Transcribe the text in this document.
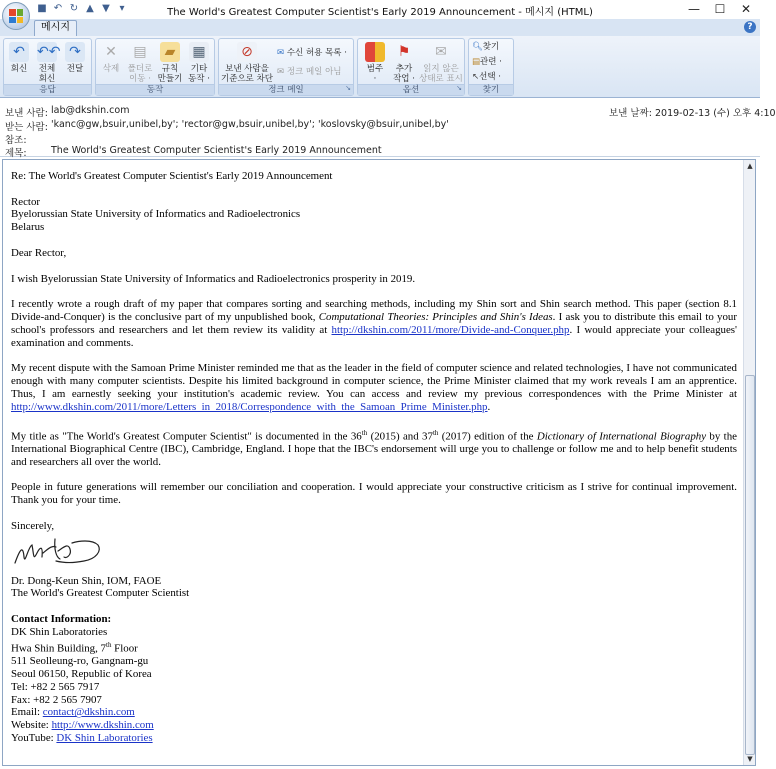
The World's Greatest Computer Scientist's Early 2019 Announcement - 메시지 (HTML)	—	☐	✕
■ ↶ ↻ ▲ ▼ ▾
메시지	?
↶
회신
↶↶
전체
회신
↷
전달
응답
✕
삭제
▤
폴더로
이동 ·
▰
규칙
만들기
▦
기타
동작 ·
동작
⊘
보낸 사람을
기준으로 차단
✉ 수신 허용 목록 ·
✉ 정크 메일 아님
정크 메일	↘
범주
·
⚑
추가
작업 ·
✉
읽지 않은
상태로 표시
옵션	↘
🔍︎찾기
▤관련 ·
↖선택 ·
찾기
보낸 사람: lab@dkshin.com
받는 사람: 'kanc@gw,bsuir,unibel,by'; 'rector@gw,bsuir,unibel,by'; 'koslovsky@bsuir,unibel,by'
참조:
제목:	The World's Greatest Computer Scientist's Early 2019 Announcement
보낸 날짜: 2019-02-13 (수) 오후 4:10

Re: The World's Greatest Computer Scientist's Early 2019 Announcement

Rector
Byelorussian State University of Informatics and Radioelectronics
Belarus

Dear Rector,

I wish Byelorussian State University of Informatics and Radioelectronics prosperity in 2019.

I recently wrote a rough draft of my paper that compares sorting and searching methods, including my Shin sort and Shin search method. This paper (section 8.1 Divide-and-Conquer) is the conclusive part of my unpublished book, Computational Theories: Principles and Shin's Ideas. I ask you to distribute this email to your school's professors and researchers and let them review its validity at http://dkshin.com/2011/more/Divide-and-Conquer.php. I would appreciate your colleagues' examination and comments.

My recent dispute with the Samoan Prime Minister reminded me that as the leader in the field of computer science and related technologies, I have not communicated enough with many computer scientists. Despite his limited background in computer science, the Prime Minister claimed that my work reveals I am an apprentice. Thus, I am earnestly seeking your institution's academic review. You can access and review my previous correspondences with the Prime Minister at http://www.dkshin.com/2011/more/Letters_in_2018/Correspondence_with_the_Samoan_Prime_Minister.php.

My title as "The World's Greatest Computer Scientist" is documented in the 36th (2015) and 37th (2017) edition of the Dictionary of International Biography by the International Biographical Centre (IBC), Cambridge, England. I hope that the IBC's endorsement will urge you to challenge or follow me and to help benefit students and researchers all over the world.

People in future generations will remember our conciliation and cooperation. I would appreciate your constructive criticism as I strive for continual improvement. Thank you for your time.

Sincerely,

Dr. Dong-Keun Shin, IOM, FAOE
The World's Greatest Computer Scientist

Contact Information:
DK Shin Laboratories
Hwa Shin Building, 7th Floor
511 Seolleung-ro, Gangnam-gu
Seoul 06150, Republic of Korea
Tel: +82 2 565 7917
Fax: +82 2 565 7907
Email: contact@dkshin.com
Website: http://www.dkshin.com
YouTube: DK Shin Laboratories
▲
▼
